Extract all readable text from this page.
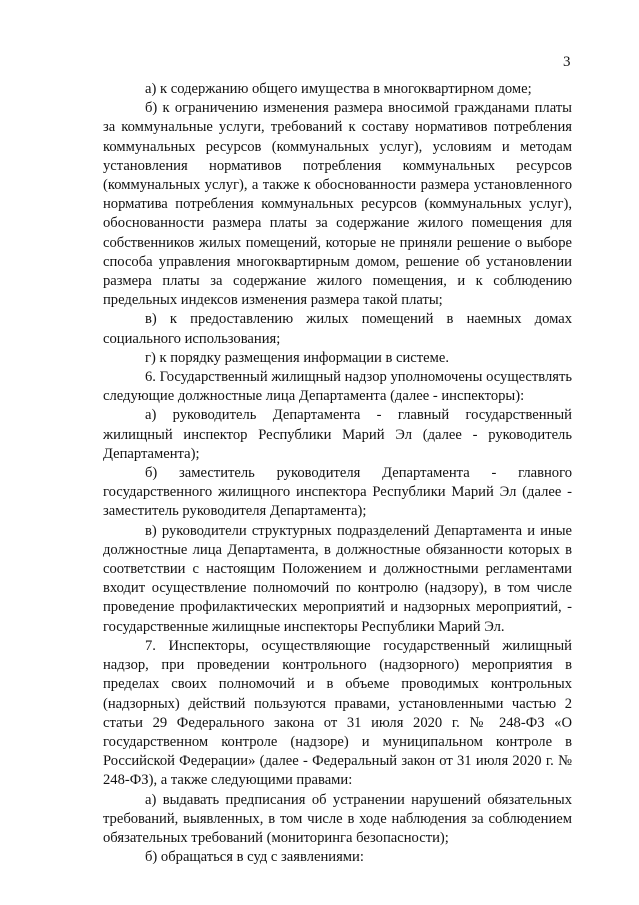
3

а) к содержанию общего имущества в многоквартирном доме;

б) к ограничению изменения размера вносимой гражданами платы за коммунальные услуги, требований к составу нормативов потребления коммунальных ресурсов (коммунальных услуг), условиям и методам установления нормативов потребления коммунальных ресурсов (коммунальных услуг), а также к обоснованности размера установленного норматива потребления коммунальных ресурсов (коммунальных услуг), обоснованности размера платы за содержание жилого помещения для собственников жилых помещений, которые не приняли решение о выборе способа управления многоквартирным домом, решение об установлении размера платы за содержание жилого помещения, и к соблюдению предельных индексов изменения размера такой платы;

в) к предоставлению жилых помещений в наемных домах социального использования;

г) к порядку размещения информации в системе.

6. Государственный жилищный надзор уполномочены осуществлять следующие должностные лица Департамента (далее - инспекторы):

а) руководитель Департамента - главный государственный жилищный инспектор Республики Марий Эл (далее - руководитель Департамента);

б) заместитель руководителя Департамента - главного государственного жилищного инспектора Республики Марий Эл (далее - заместитель руководителя Департамента);

в) руководители структурных подразделений Департамента и иные должностные лица Департамента, в должностные обязанности которых в соответствии с настоящим Положением и должностными регламентами входит осуществление полномочий по контролю (надзору), в том числе проведение профилактических мероприятий и надзорных мероприятий, - государственные жилищные инспекторы Республики Марий Эл.

7. Инспекторы, осуществляющие государственный жилищный надзор, при проведении контрольного (надзорного) мероприятия в пределах своих полномочий и в объеме проводимых контрольных (надзорных) действий пользуются правами, установленными частью 2 статьи 29 Федерального закона от 31 июля 2020 г. № 248-ФЗ «О государственном контроле (надзоре) и муниципальном контроле в Российской Федерации» (далее - Федеральный закон от 31 июля 2020 г. № 248-ФЗ), а также следующими правами:

а) выдавать предписания об устранении нарушений обязательных требований, выявленных, в том числе в ходе наблюдения за соблюдением обязательных требований (мониторинга безопасности);

б) обращаться в суд с заявлениями:
